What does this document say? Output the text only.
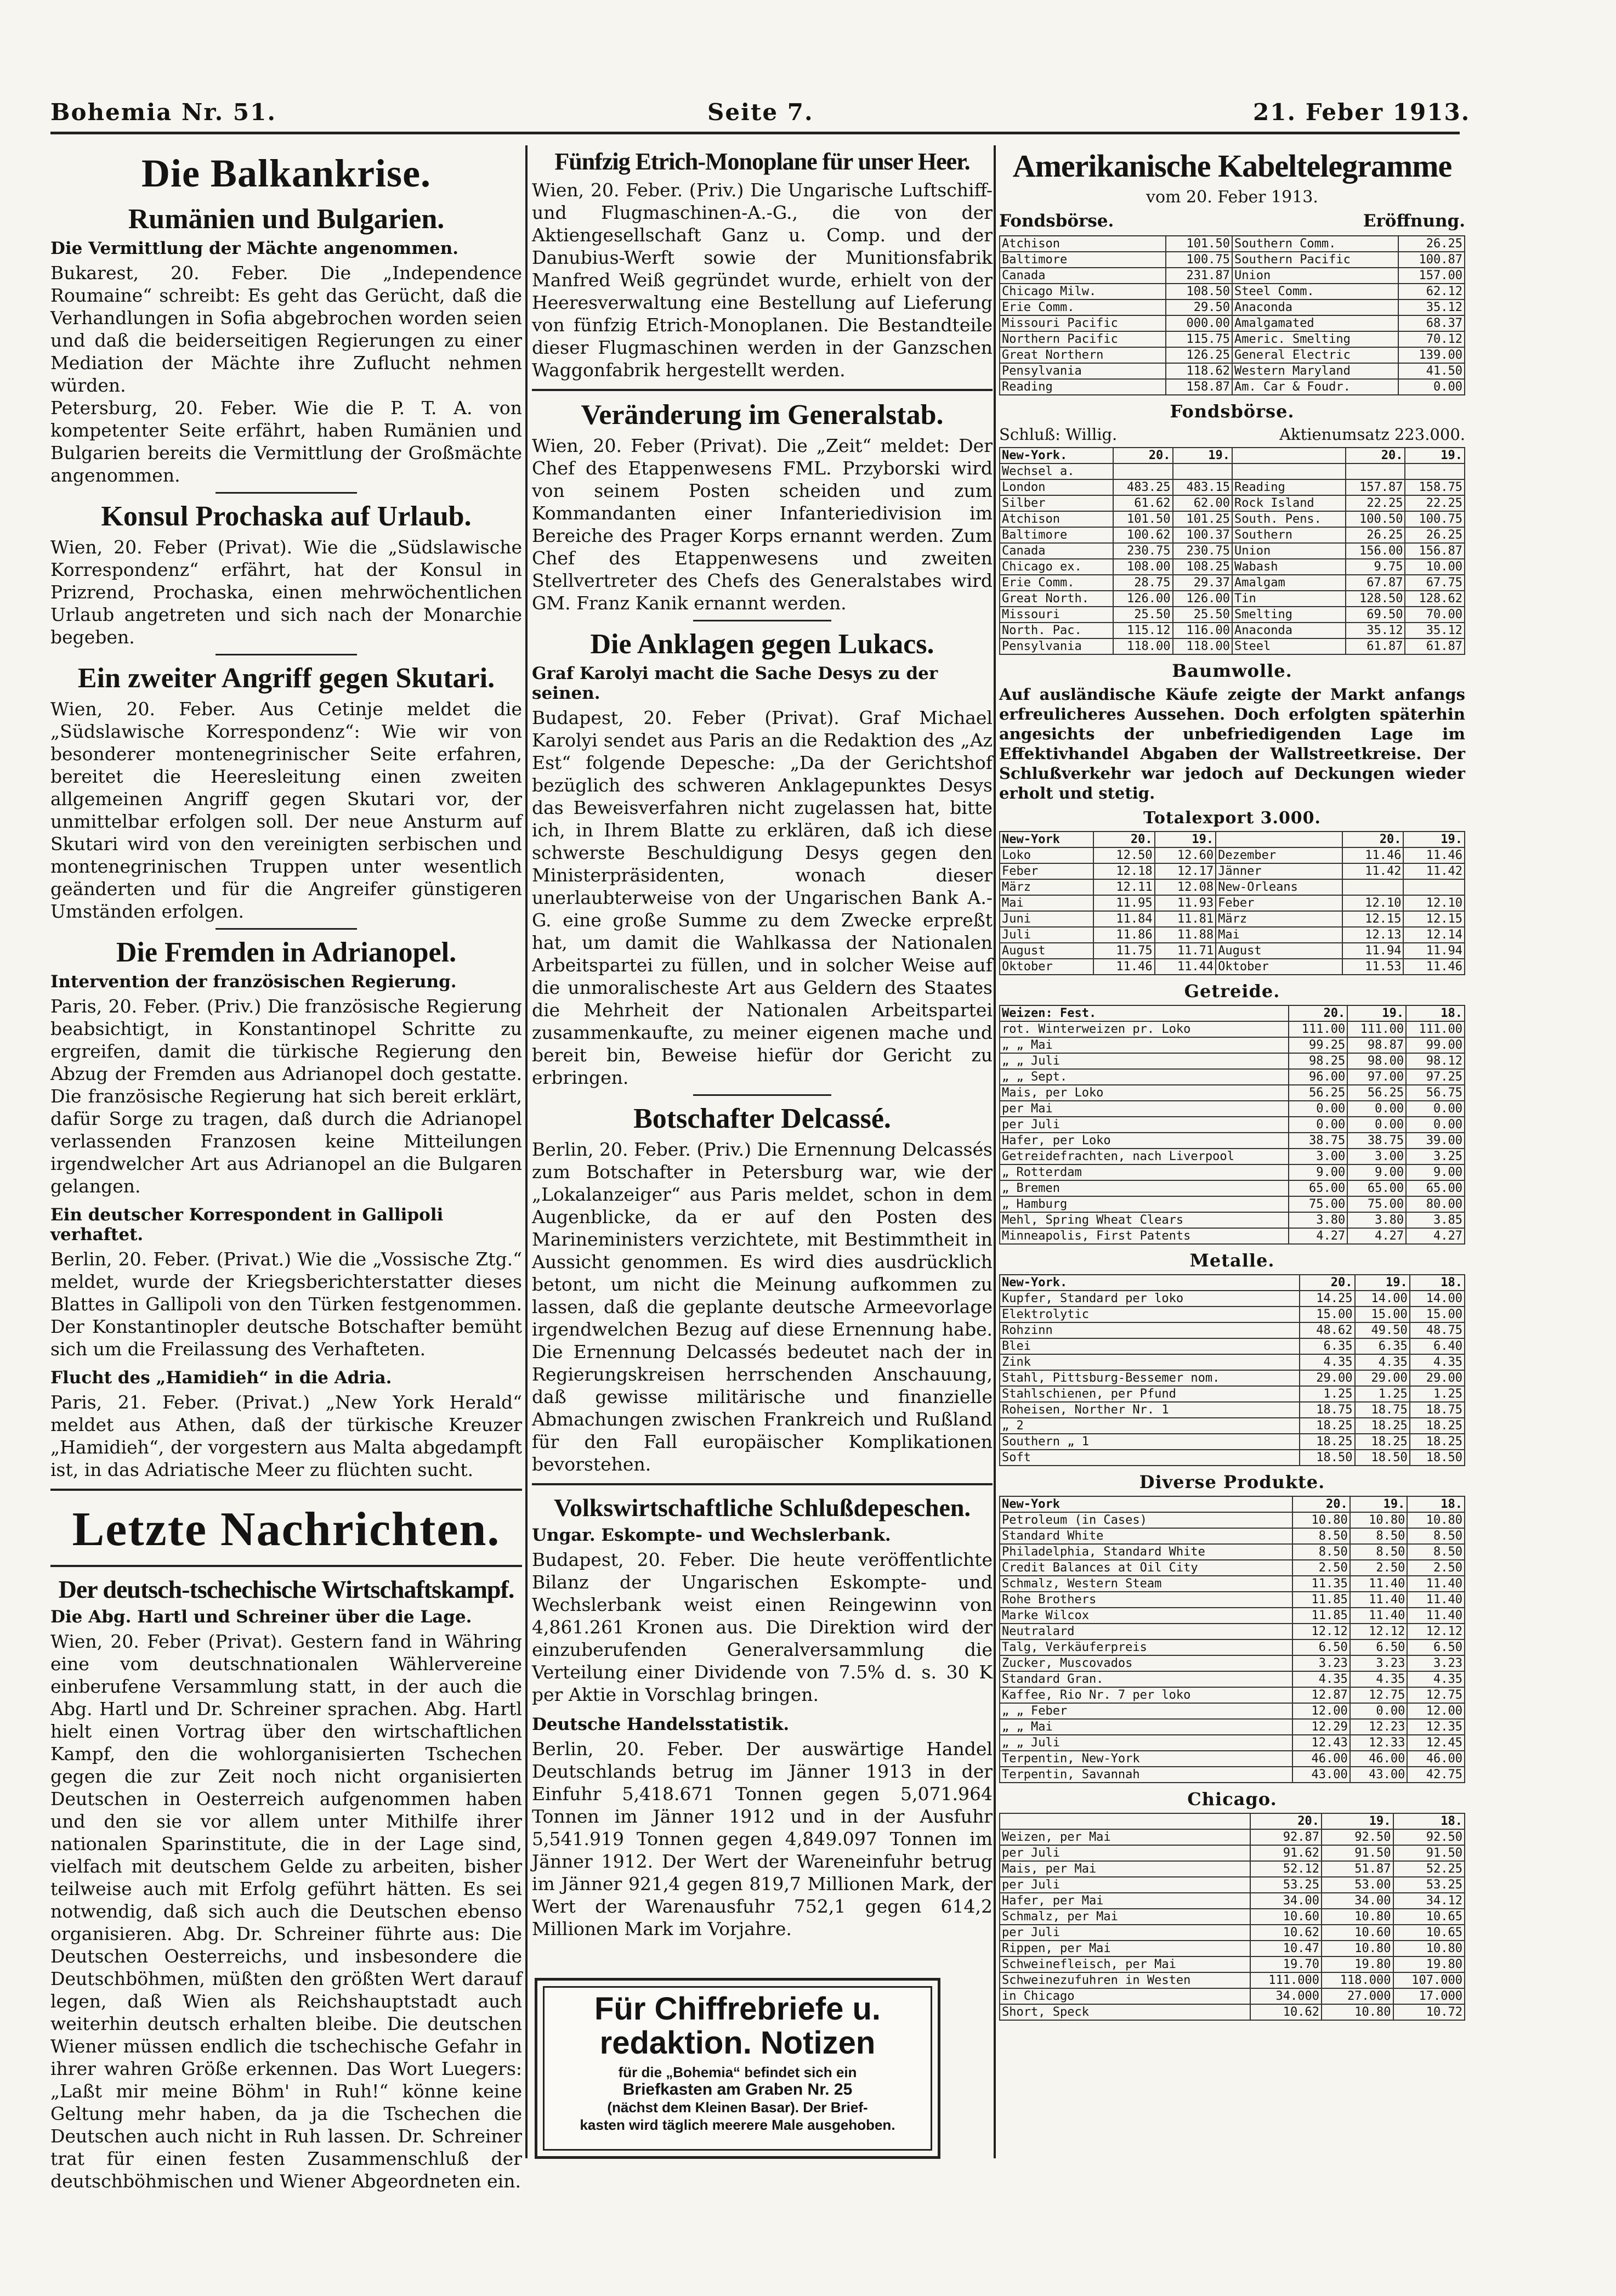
Bohemia Nr. 51.	Seite 7.	21. Feber 1913.
Die Balkankrise.
Rumänien und Bulgarien.
Die Vermittlung der Mächte angenommen.

Bukarest, 20. Feber. Die „Independence Roumaine“ schreibt: Es geht das Gerücht, daß die Verhandlungen in Sofia abgebrochen worden seien und daß die beiderseitigen Regierungen zu einer Mediation der Mächte ihre Zuflucht nehmen würden.

Petersburg, 20. Feber. Wie die P. T. A. von kompetenter Seite erfährt, haben Rumänien und Bulgarien bereits die Vermittlung der Großmächte angenommen.

Konsul Prochaska auf Urlaub.

Wien, 20. Feber (Privat). Wie die „Südslawische Korrespondenz“ erfährt, hat der Konsul in Prizrend, Prochaska, einen mehrwöchentlichen Urlaub angetreten und sich nach der Monarchie begeben.

Ein zweiter Angriff gegen Skutari.

Wien, 20. Feber. Aus Cetinje meldet die „Südslawische Korrespondenz“: Wie wir von besonderer montenegrinischer Seite erfahren, bereitet die Heeresleitung einen zweiten allgemeinen Angriff gegen Skutari vor, der unmittelbar erfolgen soll. Der neue Ansturm auf Skutari wird von den vereinigten serbischen und montenegrinischen Truppen unter wesentlich geänderten und für die Angreifer günstigeren Umständen erfolgen.

Die Fremden in Adrianopel.
Intervention der französischen Regierung.

Paris, 20. Feber. (Priv.) Die französische Regierung beabsichtigt, in Konstantinopel Schritte zu ergreifen, damit die türkische Regierung den Abzug der Fremden aus Adrianopel doch gestatte. Die französische Regierung hat sich bereit erklärt, dafür Sorge zu tragen, daß durch die Adrianopel verlassenden Franzosen keine Mitteilungen irgendwelcher Art aus Adrianopel an die Bulgaren gelangen.

Ein deutscher Korrespondent in Gallipoli verhaftet.

Berlin, 20. Feber. (Privat.) Wie die „Vossische Ztg.“ meldet, wurde der Kriegsberichterstatter dieses Blattes in Gallipoli von den Türken festgenommen. Der Konstantinopler deutsche Botschafter bemüht sich um die Freilassung des Verhafteten.

Flucht des „Hamidieh“ in die Adria.

Paris, 21. Feber. (Privat.) „New York Herald“ meldet aus Athen, daß der türkische Kreuzer „Hamidieh“, der vorgestern aus Malta abgedampft ist, in das Adriatische Meer zu flüchten sucht.

Letzte Nachrichten.
Der deutsch-tschechische Wirtschaftskampf.
Die Abg. Hartl und Schreiner über die Lage.

Wien, 20. Feber (Privat). Gestern fand in Währing eine vom deutschnationalen Wählervereine einberufene Versammlung statt, in der auch die Abg. Hartl und Dr. Schreiner sprachen. Abg. Hartl hielt einen Vortrag über den wirtschaftlichen Kampf, den die wohlorganisierten Tschechen gegen die zur Zeit noch nicht organisierten Deutschen in Oesterreich aufgenommen haben und den sie vor allem unter Mithilfe ihrer nationalen Sparinstitute, die in der Lage sind, vielfach mit deutschem Gelde zu arbeiten, bisher teilweise auch mit Erfolg geführt hätten. Es sei notwendig, daß sich auch die Deutschen ebenso organisieren. Abg. Dr. Schreiner führte aus: Die Deutschen Oesterreichs, und insbesondere die Deutschböhmen, müßten den größten Wert darauf legen, daß Wien als Reichshauptstadt auch weiterhin deutsch erhalten bleibe. Die deutschen Wiener müssen endlich die tschechische Gefahr in ihrer wahren Größe erkennen. Das Wort Luegers: „Laßt mir meine Böhm' in Ruh!“ könne keine Geltung mehr haben, da ja die Tschechen die Deutschen auch nicht in Ruh lassen. Dr. Schreiner trat für einen festen Zusammenschluß der deutschböhmischen und Wiener Abgeordneten ein.

Fünfzig Etrich-Monoplane für unser Heer.

Wien, 20. Feber. (Priv.) Die Ungarische Luftschiff- und Flugmaschinen-A.-G., die von der Aktiengesellschaft Ganz u. Comp. und der Danubius-Werft sowie der Munitionsfabrik Manfred Weiß gegründet wurde, erhielt von der Heeresverwaltung eine Bestellung auf Lieferung von fünfzig Etrich-Monoplanen. Die Bestandteile dieser Flugmaschinen werden in der Ganzschen Waggonfabrik hergestellt werden.

Veränderung im Generalstab.

Wien, 20. Feber (Privat). Die „Zeit“ meldet: Der Chef des Etappenwesens FML. Przyborski wird von seinem Posten scheiden und zum Kommandanten einer Infanteriedivision im Bereiche des Prager Korps ernannt werden. Zum Chef des Etappenwesens und zweiten Stellvertreter des Chefs des Generalstabes wird GM. Franz Kanik ernannt werden.

Die Anklagen gegen Lukacs.
Graf Karolyi macht die Sache Desys zu der seinen.

Budapest, 20. Feber (Privat). Graf Michael Karolyi sendet aus Paris an die Redaktion des „Az Est“ folgende Depesche: „Da der Gerichtshof bezüglich des schweren Anklagepunktes Desys das Beweisverfahren nicht zugelassen hat, bitte ich, in Ihrem Blatte zu erklären, daß ich diese schwerste Beschuldigung Desys gegen den Ministerpräsidenten, wonach dieser unerlaubterweise von der Ungarischen Bank A.-G. eine große Summe zu dem Zwecke erpreßt hat, um damit die Wahlkassa der Nationalen Arbeitspartei zu füllen, und in solcher Weise auf die unmoralischeste Art aus Geldern des Staates die Mehrheit der Nationalen Arbeitspartei zusammenkaufte, zu meiner eigenen mache und bereit bin, Beweise hiefür dor Gericht zu erbringen.

Botschafter Delcassé.

Berlin, 20. Feber. (Priv.) Die Ernennung Delcassés zum Botschafter in Petersburg war, wie der „Lokalanzeiger“ aus Paris meldet, schon in dem Augenblicke, da er auf den Posten des Marineministers verzichtete, mit Bestimmtheit in Aussicht genommen. Es wird dies ausdrücklich betont, um nicht die Meinung aufkommen zu lassen, daß die geplante deutsche Armeevorlage irgendwelchen Bezug auf diese Ernennung habe. Die Ernennung Delcassés bedeutet nach der in Regierungskreisen herrschenden Anschauung, daß gewisse militärische und finanzielle Abmachungen zwischen Frankreich und Rußland für den Fall europäischer Komplikationen bevorstehen.

Volkswirtschaftliche Schlußdepeschen.
Ungar. Eskompte- und Wechslerbank.

Budapest, 20. Feber. Die heute veröffentlichte Bilanz der Ungarischen Eskompte- und Wechslerbank weist einen Reingewinn von 4,861.261 Kronen aus. Die Direktion wird der einzuberufenden Generalversammlung die Verteilung einer Dividende von 7.5% d. s. 30 K per Aktie in Vorschlag bringen.

Deutsche Handelsstatistik.

Berlin, 20. Feber. Der auswärtige Handel Deutschlands betrug im Jänner 1913 in der Einfuhr 5,418.671 Tonnen gegen 5,071.964 Tonnen im Jänner 1912 und in der Ausfuhr 5,541.919 Tonnen gegen 4,849.097 Tonnen im Jänner 1912. Der Wert der Wareneinfuhr betrug im Jänner 921,4 gegen 819,7 Millionen Mark, der Wert der Warenausfuhr 752,1 gegen 614,2 Millionen Mark im Vorjahre.

Für Chiffrebriefe u.
redaktion. Notizen
für die „Bohemia“ befindet sich ein
Briefkasten am Graben Nr. 25
(nächst dem Kleinen Basar). Der Brief-
kasten wird täglich meerere Male ausgehoben.
Amerikanische Kabeltelegramme
vom 20. Feber 1913.
Fondsbörse.	Eröffnung.
Atchison	101.50	Southern Comm.	26.25
Baltimore	100.75	Southern Pacific	100.87
Canada	231.87	Union	157.00
Chicago Milw.	108.50	Steel Comm.	62.12
Erie Comm.	29.50	Anaconda	35.12
Missouri Pacific	000.00	Amalgamated	68.37
Northern Pacific	115.75	Americ. Smelting	70.12
Great Northern	126.25	General Electric	139.00
Pensylvania	118.62	Western Maryland	41.50
Reading	158.87	Am. Car & Foudr.	0.00
Fondsbörse.
Schluß: Willig.	Aktienumsatz 223.000.
New-York.	20.	19.		20.	19.
Wechsel a.					
London	483.25	483.15	Reading	157.87	158.75
Silber	61.62	62.00	Rock Island	22.25	22.25
Atchison	101.50	101.25	South. Pens.	100.50	100.75
Baltimore	100.62	100.37	Southern	26.25	26.25
Canada	230.75	230.75	Union	156.00	156.87
Chicago ex.	108.00	108.25	Wabash	9.75	10.00
Erie Comm.	28.75	29.37	Amalgam	67.87	67.75
Great North.	126.00	126.00	Tin	128.50	128.62
Missouri	25.50	25.50	Smelting	69.50	70.00
North. Pac.	115.12	116.00	Anaconda	35.12	35.12
Pensylvania	118.00	118.00	Steel	61.87	61.87
Baumwolle.
Auf ausländische Käufe zeigte der Markt anfangs erfreulicheres Aussehen. Doch erfolgten späterhin angesichts der unbefriedigenden Lage im Effektivhandel Abgaben der Wallstreetkreise. Der Schlußverkehr war jedoch auf Deckungen wieder erholt und stetig.
Totalexport 3.000.
New-York	20.	19.		20.	19.
Loko	12.50	12.60	Dezember	11.46	11.46
Feber	12.18	12.17	Jänner	11.42	11.42
März	12.11	12.08	New-Orleans		
Mai	11.95	11.93	Feber	12.10	12.10
Juni	11.84	11.81	März	12.15	12.15
Juli	11.86	11.88	Mai	12.13	12.14
August	11.75	11.71	August	11.94	11.94
Oktober	11.46	11.44	Oktober	11.53	11.46
Getreide.
Weizen: Fest.	20.	19.	18.
rot. Winterweizen pr. Loko	111.00	111.00	111.00
„ „ Mai	99.25	98.87	99.00
„ „ Juli	98.25	98.00	98.12
„ „ Sept.	96.00	97.00	97.25
Mais, per Loko	56.25	56.25	56.75
per Mai	0.00	0.00	0.00
per Juli	0.00	0.00	0.00
Hafer, per Loko	38.75	38.75	39.00
Getreidefrachten, nach Liverpool	3.00	3.00	3.25
„ Rotterdam	9.00	9.00	9.00
„ Bremen	65.00	65.00	65.00
„ Hamburg	75.00	75.00	80.00
Mehl, Spring Wheat Clears	3.80	3.80	3.85
Minneapolis, First Patents	4.27	4.27	4.27
Metalle.
New-York.	20.	19.	18.
Kupfer, Standard per loko	14.25	14.00	14.00
Elektrolytic	15.00	15.00	15.00
Rohzinn	48.62	49.50	48.75
Blei	6.35	6.35	6.40
Zink	4.35	4.35	4.35
Stahl, Pittsburg-Bessemer nom.	29.00	29.00	29.00
Stahlschienen, per Pfund	1.25	1.25	1.25
Roheisen, Norther Nr. 1	18.75	18.75	18.75
„ 2	18.25	18.25	18.25
Southern „ 1	18.25	18.25	18.25
Soft	18.50	18.50	18.50
Diverse Produkte.
New-York	20.	19.	18.
Petroleum (in Cases)	10.80	10.80	10.80
Standard White	8.50	8.50	8.50
Philadelphia, Standard White	8.50	8.50	8.50
Credit Balances at Oil City	2.50	2.50	2.50
Schmalz, Western Steam	11.35	11.40	11.40
Rohe Brothers	11.85	11.40	11.40
Marke Wilcox	11.85	11.40	11.40
Neutralard	12.12	12.12	12.12
Talg, Verkäuferpreis	6.50	6.50	6.50
Zucker, Muscovados	3.23	3.23	3.23
Standard Gran.	4.35	4.35	4.35
Kaffee, Rio Nr. 7 per loko	12.87	12.75	12.75
„ „ Feber	12.00	0.00	12.00
„ „ Mai	12.29	12.23	12.35
„ „ Juli	12.43	12.33	12.45
Terpentin, New-York	46.00	46.00	46.00
Terpentin, Savannah	43.00	43.00	42.75
Chicago.
	20.	19.	18.
Weizen, per Mai	92.87	92.50	92.50
per Juli	91.62	91.50	91.50
Mais, per Mai	52.12	51.87	52.25
per Juli	53.25	53.00	53.25
Hafer, per Mai	34.00	34.00	34.12
Schmalz, per Mai	10.60	10.80	10.65
per Juli	10.62	10.60	10.65
Rippen, per Mai	10.47	10.80	10.80
Schweinefleisch, per Mai	19.70	19.80	19.80
Schweinezufuhren in Westen	111.000	118.000	107.000
in Chicago	34.000	27.000	17.000
Short, Speck	10.62	10.80	10.72
